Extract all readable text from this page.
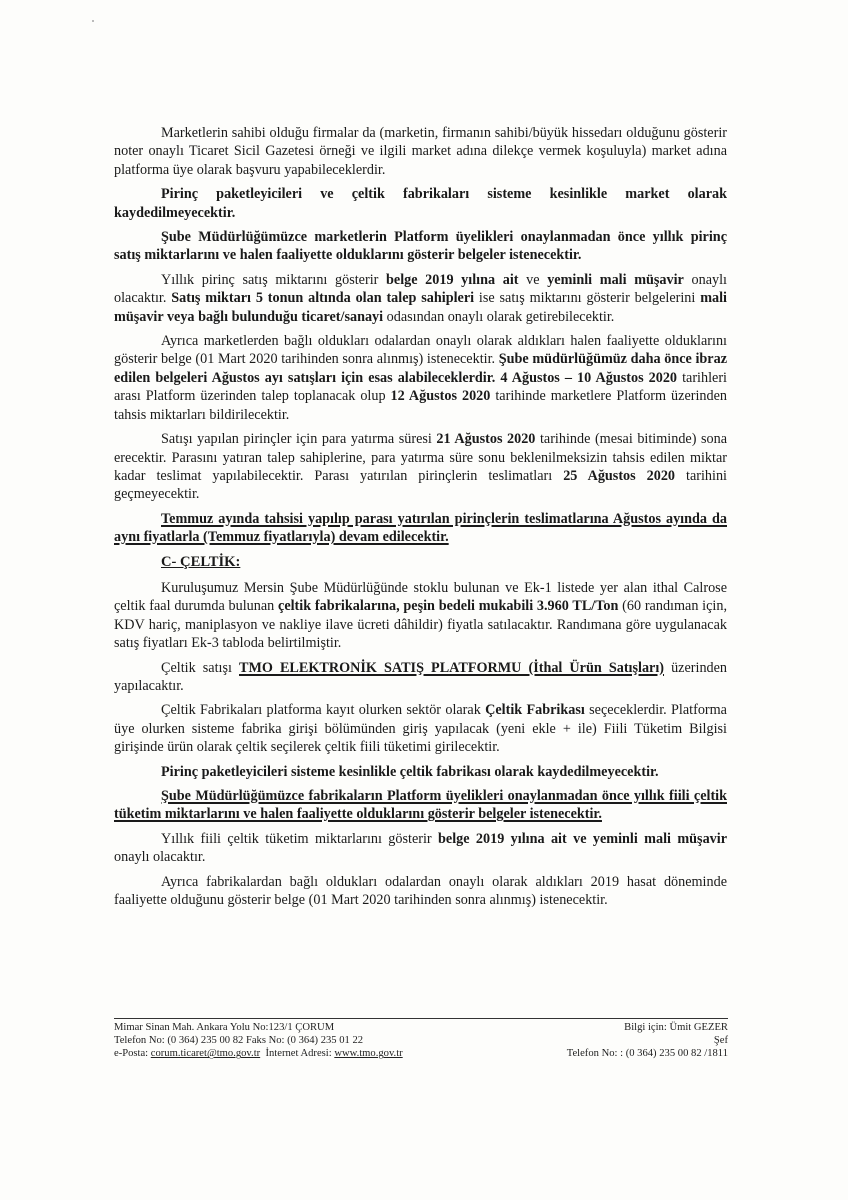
Marketlerin sahibi olduğu firmalar da (marketin, firmanın sahibi/büyük hissedarı olduğunu gösterir noter onaylı Ticaret Sicil Gazetesi örneği ve ilgili market adına dilekçe vermek koşuluyla) market adına platforma üye olarak başvuru yapabileceklerdir.

Pirinç paketleyicileri ve çeltik fabrikaları sisteme kesinlikle market olarak kaydedilmeyecektir.

Şube Müdürlüğümüzce marketlerin Platform üyelikleri onaylanmadan önce yıllık pirinç satış miktarlarını ve halen faaliyette olduklarını gösterir belgeler istenecektir.

Yıllık pirinç satış miktarını gösterir belge 2019 yılına ait ve yeminli mali müşavir onaylı olacaktır. Satış miktarı 5 tonun altında olan talep sahipleri ise satış miktarını gösterir belgelerini mali müşavir veya bağlı bulunduğu ticaret/sanayi odasından onaylı olarak getirebilecektir.

Ayrıca marketlerden bağlı oldukları odalardan onaylı olarak aldıkları halen faaliyette olduklarını gösterir belge (01 Mart 2020 tarihinden sonra alınmış) istenecektir. Şube müdürlüğümüz daha önce ibraz edilen belgeleri Ağustos ayı satışları için esas alabileceklerdir. 4 Ağustos – 10 Ağustos 2020 tarihleri arası Platform üzerinden talep toplanacak olup 12 Ağustos 2020 tarihinde marketlere Platform üzerinden tahsis miktarları bildirilecektir.

Satışı yapılan pirinçler için para yatırma süresi 21 Ağustos 2020 tarihinde (mesai bitiminde) sona erecektir. Parasını yatıran talep sahiplerine, para yatırma süre sonu beklenilmeksizin tahsis edilen miktar kadar teslimat yapılabilecektir. Parası yatırılan pirinçlerin teslimatları 25 Ağustos 2020 tarihini geçmeyecektir.

Temmuz ayında tahsisi yapılıp parası yatırılan pirinçlerin teslimatlarına Ağustos ayında da aynı fiyatlarla (Temmuz fiyatlarıyla) devam edilecektir.

C- ÇELTİK:

Kuruluşumuz Mersin Şube Müdürlüğünde stoklu bulunan ve Ek-1 listede yer alan ithal Calrose çeltik faal durumda bulunan çeltik fabrikalarına, peşin bedeli mukabili 3.960 TL/Ton (60 randıman için, KDV hariç, maniplasyon ve nakliye ilave ücreti dâhildir) fiyatla satılacaktır. Randımana göre uygulanacak satış fiyatları Ek-3 tabloda belirtilmiştir.

Çeltik satışı TMO ELEKTRONİK SATIŞ PLATFORMU (İthal Ürün Satışları) üzerinden yapılacaktır.

Çeltik Fabrikaları platforma kayıt olurken sektör olarak Çeltik Fabrikası seçeceklerdir. Platforma üye olurken sisteme fabrika girişi bölümünden giriş yapılacak (yeni ekle + ile) Fiili Tüketim Bilgisi girişinde ürün olarak çeltik seçilerek çeltik fiili tüketimi girilecektir.

Pirinç paketleyicileri sisteme kesinlikle çeltik fabrikası olarak kaydedilmeyecektir.

Şube Müdürlüğümüzce fabrikaların Platform üyelikleri onaylanmadan önce yıllık fiili çeltik tüketim miktarlarını ve halen faaliyette olduklarını gösterir belgeler istenecektir.

Yıllık fiili çeltik tüketim miktarlarını gösterir belge 2019 yılına ait ve yeminli mali müşavir onaylı olacaktır.

Ayrıca fabrikalardan bağlı oldukları odalardan onaylı olarak aldıkları 2019 hasat döneminde faaliyette olduğunu gösterir belge (01 Mart 2020 tarihinden sonra alınmış) istenecektir.

Mimar Sinan Mah. Ankara Yolu No:123/1 ÇORUM
Telefon No: (0 364) 235 00 82 Faks No: (0 364) 235 01 22
e-Posta: corum.ticaret@tmo.gov.tr  İnternet Adresi: www.tmo.gov.tr
Bilgi için: Ümit GEZER
Şef
Telefon No: : (0 364) 235 00 82 /1811
